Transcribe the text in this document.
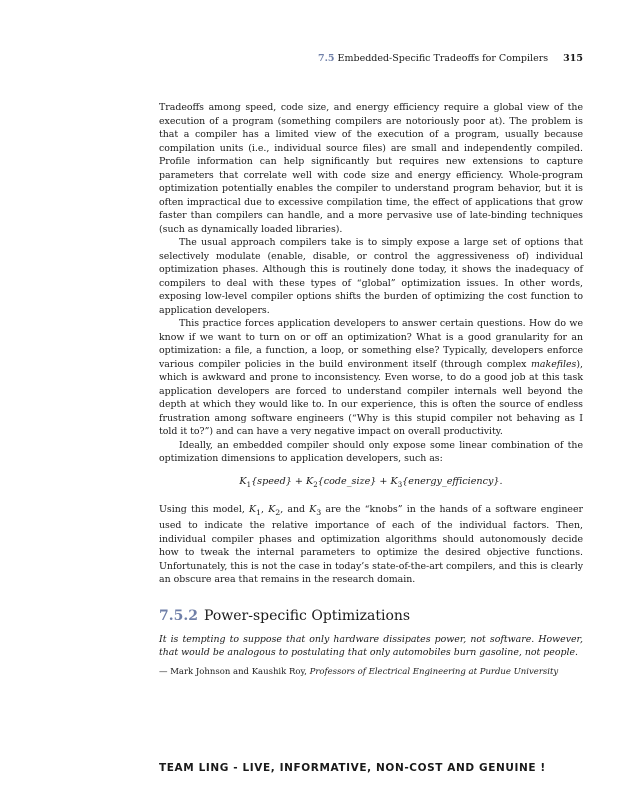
7.5 Embedded-Specific Tradeoffs for Compilers 315

Tradeoffs among speed, code size, and energy efficiency require a global view of the execution of a program (something compilers are notoriously poor at). The problem is that a compiler has a limited view of the execution of a program, usually because compilation units (i.e., individual source files) are small and independently compiled. Profile information can help significantly but requires new extensions to capture parameters that correlate well with code size and energy efficiency. Whole-program optimization potentially enables the compiler to understand program behavior, but it is often impractical due to excessive compilation time, the effect of applications that grow faster than compilers can handle, and a more pervasive use of late-binding techniques (such as dynamically loaded libraries).

The usual approach compilers take is to simply expose a large set of options that selectively modulate (enable, disable, or control the aggressiveness of) individual optimization phases. Although this is routinely done today, it shows the inadequacy of compilers to deal with these types of “global” optimization issues. In other words, exposing low-level compiler options shifts the burden of optimizing the cost function to application developers.

This practice forces application developers to answer certain questions. How do we know if we want to turn on or off an optimization? What is a good granularity for an optimization: a file, a function, a loop, or something else? Typically, developers enforce various compiler policies in the build environment itself (through complex makefiles), which is awkward and prone to inconsistency. Even worse, to do a good job at this task application developers are forced to understand compiler internals well beyond the depth at which they would like to. In our experience, this is often the source of endless frustration among software engineers (“Why is this stupid compiler not behaving as I told it to?”) and can have a very negative impact on overall productivity.

Ideally, an embedded compiler should only expose some linear combination of the optimization dimensions to application developers, such as:

$K_1\{speed\}$ + $K_2\{code\_size\}$ + $K_3\{energy\_efficiency\}$.

Using this model, $K_1$, $K_2$, and $K_3$ are the “knobs” in the hands of a software engineer used to indicate the relative importance of each of the individual factors. Then, individual compiler phases and optimization algorithms should autonomously decide how to tweak the internal parameters to optimize the desired objective functions. Unfortunately, this is not the case in today’s state-of-the-art compilers, and this is clearly an obscure area that remains in the research domain.

7.5.2 Power-specific Optimizations

It is tempting to suppose that only hardware dissipates power, not software. However, that would be analogous to postulating that only automobiles burn gasoline, not people.

— Mark Johnson and Kaushik Roy, Professors of Electrical Engineering at Purdue University
TEAM LING - LIVE, INFORMATIVE, NON-COST AND GENUINE !
